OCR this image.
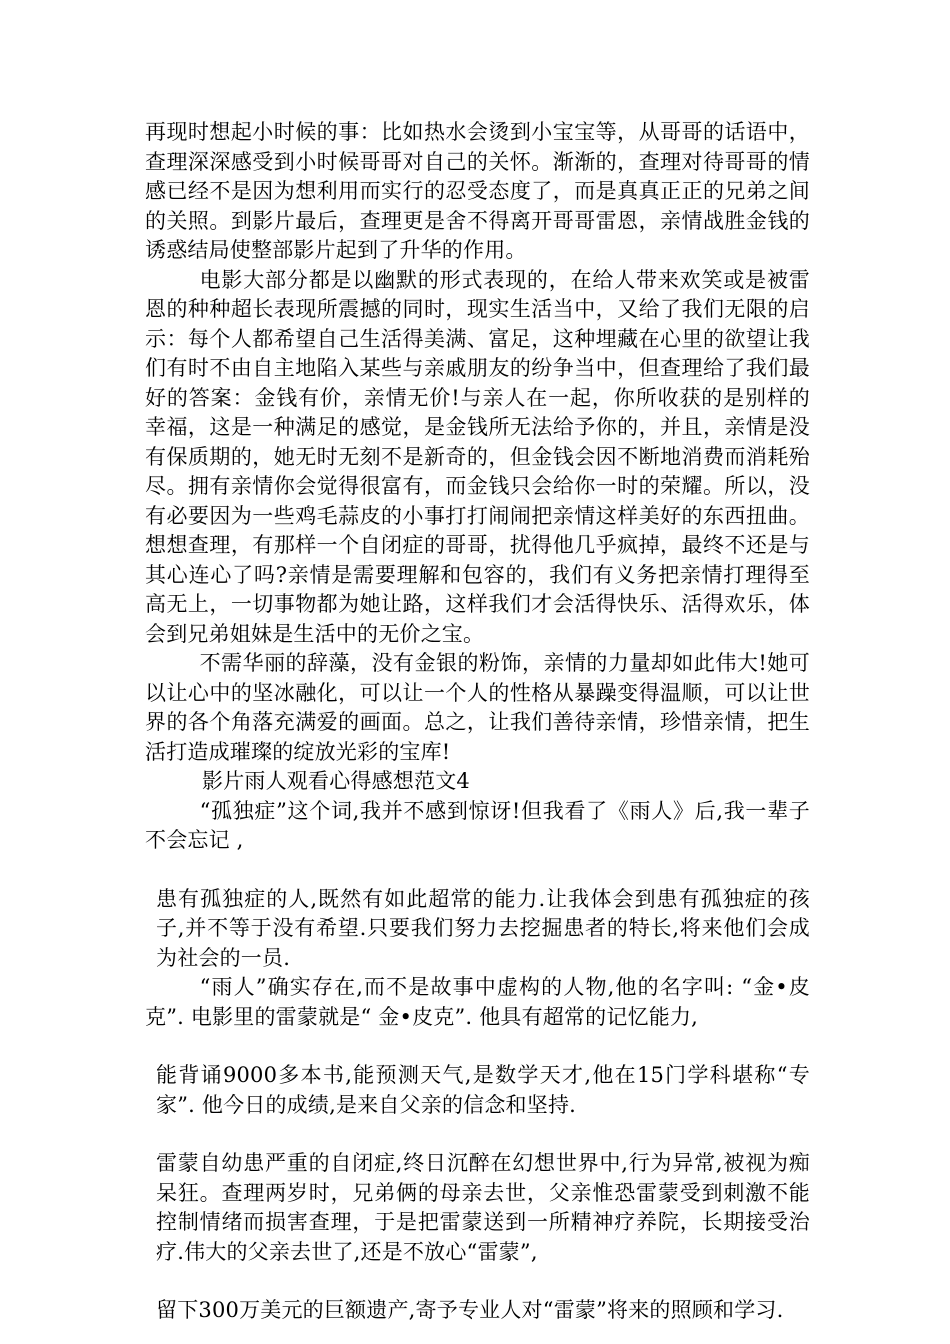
再现时想起小时候的事：比如热水会烫到小宝宝等，从哥哥的话语中，查理深深感受到小时候哥哥对自己的关怀。渐渐的，查理对待哥哥的情感已经不是因为想利用而实行的忍受态度了，而是真真正正的兄弟之间的关照。到影片最后，查理更是舍不得离开哥哥雷恩，亲情战胜金钱的诱惑结局使整部影片起到了升华的作用。

电影大部分都是以幽默的形式表现的，在给人带来欢笑或是被雷恩的种种超长表现所震撼的同时，现实生活当中，又给了我们无限的启示：每个人都希望自己生活得美满、富足，这种埋藏在心里的欲望让我们有时不由自主地陷入某些与亲戚朋友的纷争当中，但查理给了我们最好的答案：金钱有价，亲情无价!与亲人在一起，你所收获的是别样的幸福，这是一种满足的感觉，是金钱所无法给予你的，并且，亲情是没有保质期的，她无时无刻不是新奇的，但金钱会因不断地消费而消耗殆尽。拥有亲情你会觉得很富有，而金钱只会给你一时的荣耀。所以，没有必要因为一些鸡毛蒜皮的小事打打闹闹把亲情这样美好的东西扭曲。想想查理，有那样一个自闭症的哥哥，扰得他几乎疯掉，最终不还是与其心连心了吗?亲情是需要理解和包容的，我们有义务把亲情打理得至高无上，一切事物都为她让路，这样我们才会活得快乐、活得欢乐，体会到兄弟姐妹是生活中的无价之宝。

不需华丽的辞藻，没有金银的粉饰，亲情的力量却如此伟大!她可以让心中的坚冰融化，可以让一个人的性格从暴躁变得温顺，可以让世界的各个角落充满爱的画面。总之，让我们善待亲情，珍惜亲情，把生活打造成璀璨的绽放光彩的宝库!

影片雨人观看心得感想范文4

“孤独症”这个词,我并不感到惊讶!但我看了《雨人》后,我一辈子不会忘记 ,

患有孤独症的人,既然有如此超常的能力.让我体会到患有孤独症的孩子,并不等于没有希望.只要我们努力去挖掘患者的特长,将来他们会成为社会的一员.

“雨人”确实存在,而不是故事中虚构的人物,他的名字叫: “金•皮克”. 电影里的雷蒙就是“ 金•皮克”. 他具有超常的记忆能力,

能背诵9000多本书,能预测天气,是数学天才,他在15门学科堪称“专家”. 他今日的成绩,是来自父亲的信念和坚持.

雷蒙自幼患严重的自闭症,终日沉醉在幻想世界中,行为异常,被视为痴呆狂。查理两岁时，兄弟俩的母亲去世，父亲惟恐雷蒙受到刺激不能控制情绪而损害查理，于是把雷蒙送到一所精神疗养院，长期接受治疗.伟大的父亲去世了,还是不放心“雷蒙”,

留下300万美元的巨额遗产,寄予专业人对“雷蒙”将来的照顾和学习.
